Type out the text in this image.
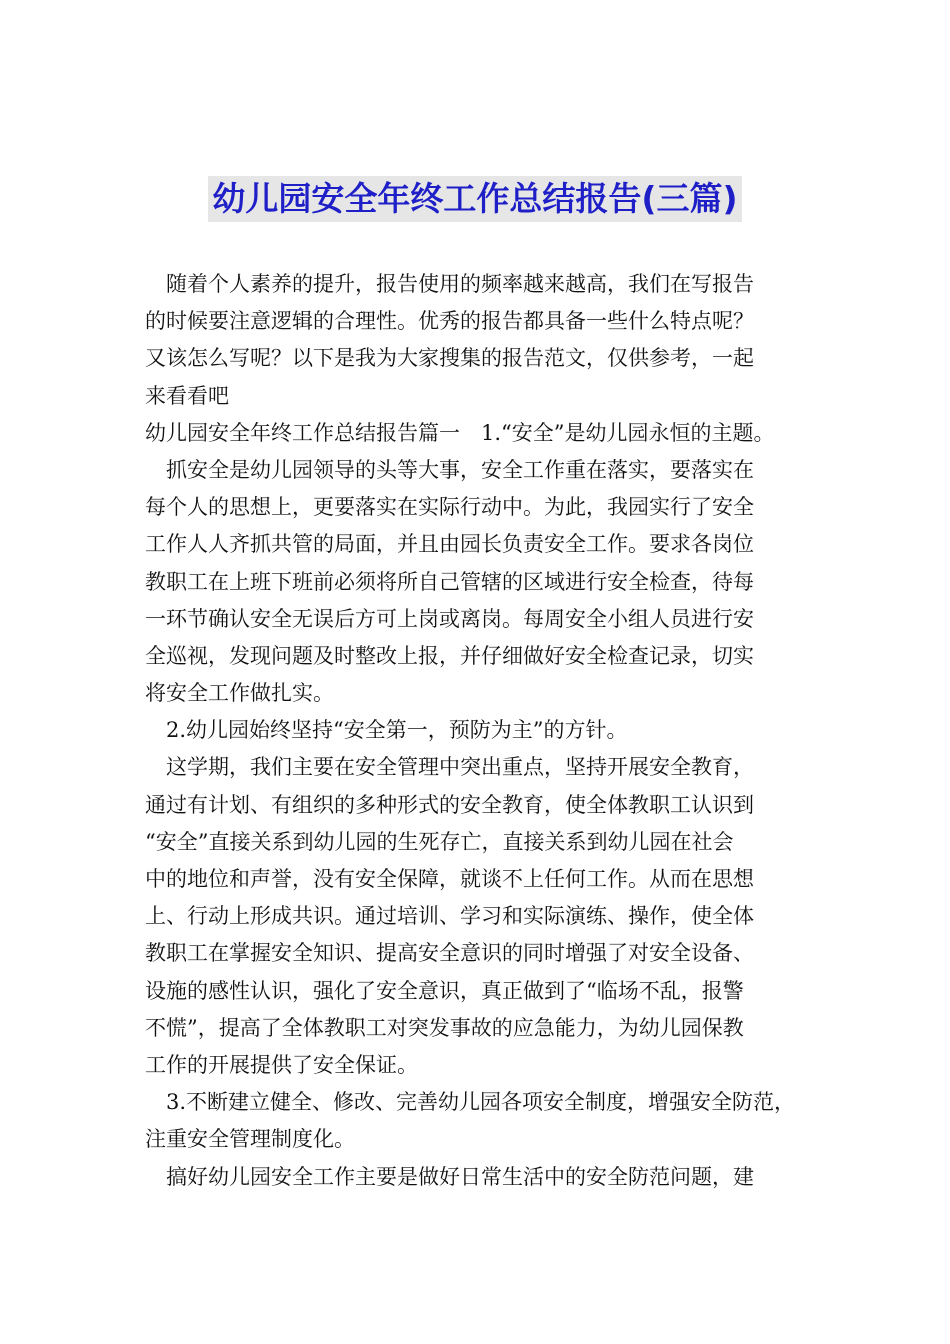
幼儿园安全年终工作总结报告(三篇)
　随着个人素养的提升，报告使用的频率越来越高，我们在写报告
的时候要注意逻辑的合理性。优秀的报告都具备一些什么特点呢？
又该怎么写呢？以下是我为大家搜集的报告范文，仅供参考，一起
来看看吧
幼儿园安全年终工作总结报告篇一　1.“安全”是幼儿园永恒的主题。
　抓安全是幼儿园领导的头等大事，安全工作重在落实，要落实在
每个人的思想上，更要落实在实际行动中。为此，我园实行了安全
工作人人齐抓共管的局面，并且由园长负责安全工作。要求各岗位
教职工在上班下班前必须将所自己管辖的区域进行安全检查，待每
一环节确认安全无误后方可上岗或离岗。每周安全小组人员进行安
全巡视，发现问题及时整改上报，并仔细做好安全检查记录，切实
将安全工作做扎实。
　2.幼儿园始终坚持“安全第一，预防为主”的方针。
　这学期，我们主要在安全管理中突出重点，坚持开展安全教育，
通过有计划、有组织的多种形式的安全教育，使全体教职工认识到
“安全”直接关系到幼儿园的生死存亡，直接关系到幼儿园在社会
中的地位和声誉，没有安全保障，就谈不上任何工作。从而在思想
上、行动上形成共识。通过培训、学习和实际演练、操作，使全体
教职工在掌握安全知识、提高安全意识的同时增强了对安全设备、
设施的感性认识，强化了安全意识，真正做到了“临场不乱，报警
不慌”，提高了全体教职工对突发事故的应急能力，为幼儿园保教
工作的开展提供了安全保证。
　3.不断建立健全、修改、完善幼儿园各项安全制度，增强安全防范，
注重安全管理制度化。
　搞好幼儿园安全工作主要是做好日常生活中的安全防范问题，建
